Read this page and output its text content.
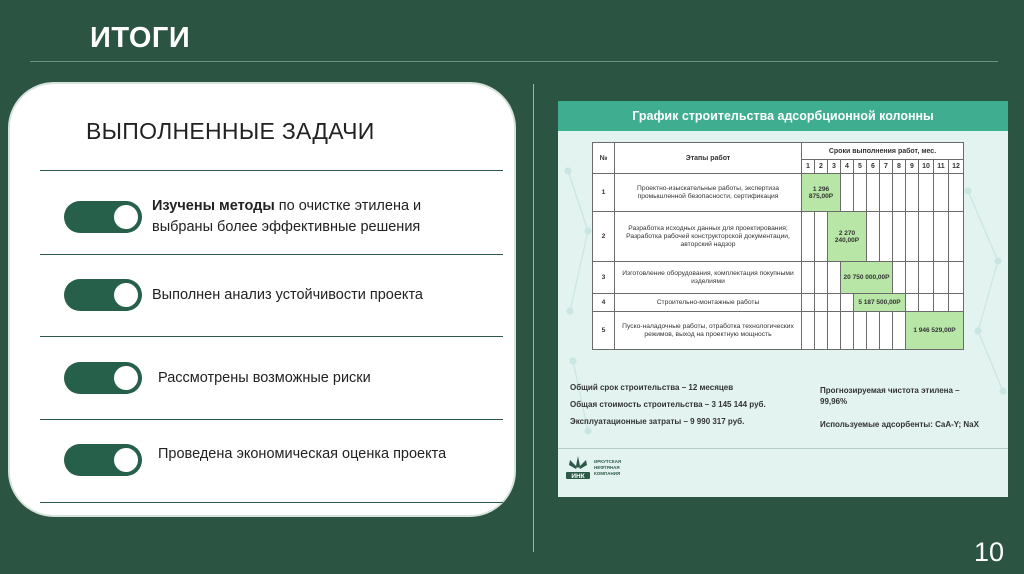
ИТОГИ
ВЫПОЛНЕННЫЕ ЗАДАЧИ
Изучены методы по очистке этилена и выбраны более эффективные решения
Выполнен анализ устойчивости проекта
Рассмотрены возможные риски
Проведена экономическая оценка проекта
График строительства адсорбционной колонны
№	Этапы работ	Сроки выполнения работ, мес.											
		1	2	3	4	5	6	7	8	9	10	11	12
1	Проектно-изыскательные работы, экспертиза промышленной безопасности, сертификация	1 296 875,00Р											
2	Разработка исходных данных для проектирования; Разработка рабочей конструкторской документации, авторский надзор			2 270 240,00Р									
3	Изготовление оборудования, комплектация покупными изделиями				20 750 000,00Р								
4	Строительно-монтажные работы					5 187 500,00Р							
5	Пуско-наладочные работы, отработка технологических режимов, выход на проектную мощность									1 946 529,00Р			
Общий срок строительства – 12 месяцев
Общая стоимость строительства – 3 145 144 руб.
Эксплуатационные затраты – 9 990 317 руб.
Прогнозируемая чистота этилена –
99,96%
Используемые адсорбенты: CaA-Y; NaX
ИНК
ИРКУТСКАЯ
НЕФТЯНАЯ
КОМПАНИЯ
10
